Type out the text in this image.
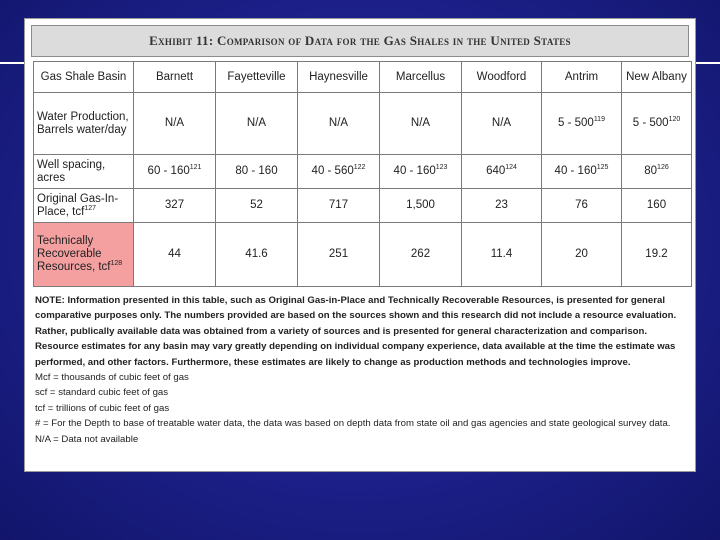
Exhibit 11: Comparison of Data for the Gas Shales in the United States
Gas Shale Basin	Barnett	Fayetteville	Haynesville	Marcellus	Woodford	Antrim	New Albany
Water Production, Barrels water/day	N/A	N/A	N/A	N/A	N/A	$5 - 500^{119}$	$5 - 500^{120}$
Well spacing, acres	$60 - 160^{121}$	80 - 160	$40 - 560^{122}$	$40 - 160^{123}$	$640^{124}$	$40 - 160^{125}$	$80^{126}$
Original Gas-In-Place, tcf$^{127}$	327	52	717	1,500	23	76	160
Technically Recoverable Resources, tcf$^{128}$	44	41.6	251	262	11.4	20	19.2

NOTE: Information presented in this table, such as Original Gas-in-Place and Technically Recoverable Resources, is presented for general comparative purposes only. The numbers provided are based on the sources shown and this research did not include a resource evaluation. Rather, publically available data was obtained from a variety of sources and is presented for general characterization and comparison. Resource estimates for any basin may vary greatly depending on individual company experience, data available at the time the estimate was performed, and other factors. Furthermore, these estimates are likely to change as production methods and technologies improve.

Mcf = thousands of cubic feet of gas

scf = standard cubic feet of gas

tcf = trillions of cubic feet of gas

# = For the Depth to base of treatable water data, the data was based on depth data from state oil and gas agencies and state geological survey data.

N/A = Data not available
